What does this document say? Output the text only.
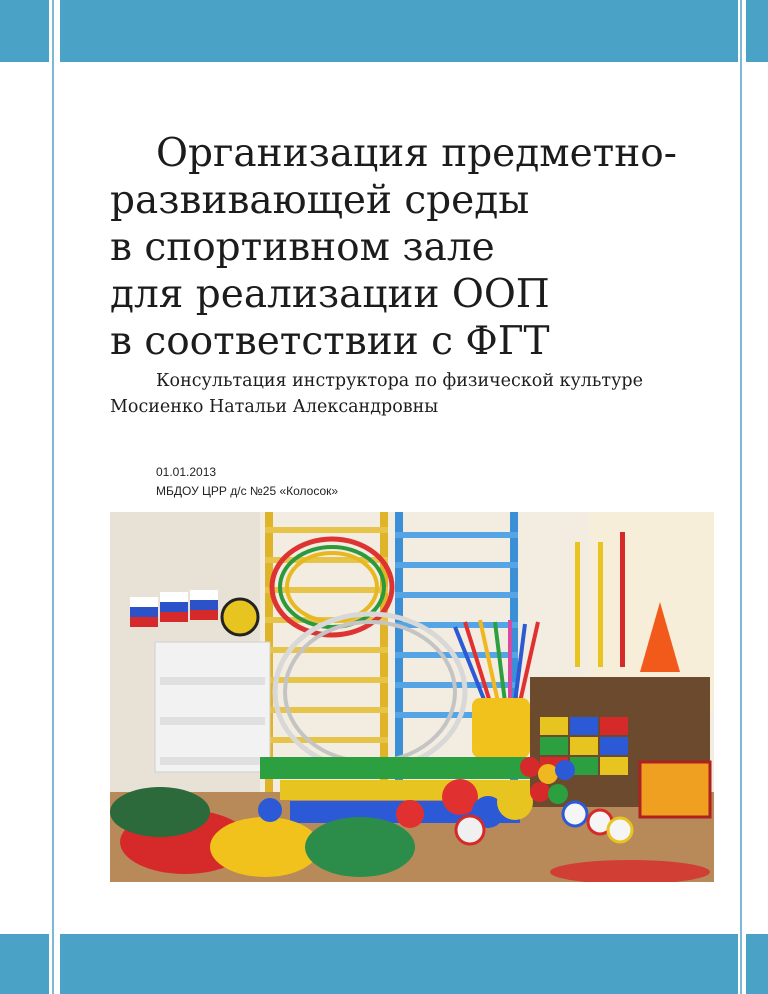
Организация предметно-
развивающей среды
в спортивном зале
для реализации ООП
в соответствии с ФГТ
Консультация инструктора по физической культуре
Мосиенко Натальи Александровны
01.01.2013
МБДОУ ЦРР д/с №25 «Колосок»
